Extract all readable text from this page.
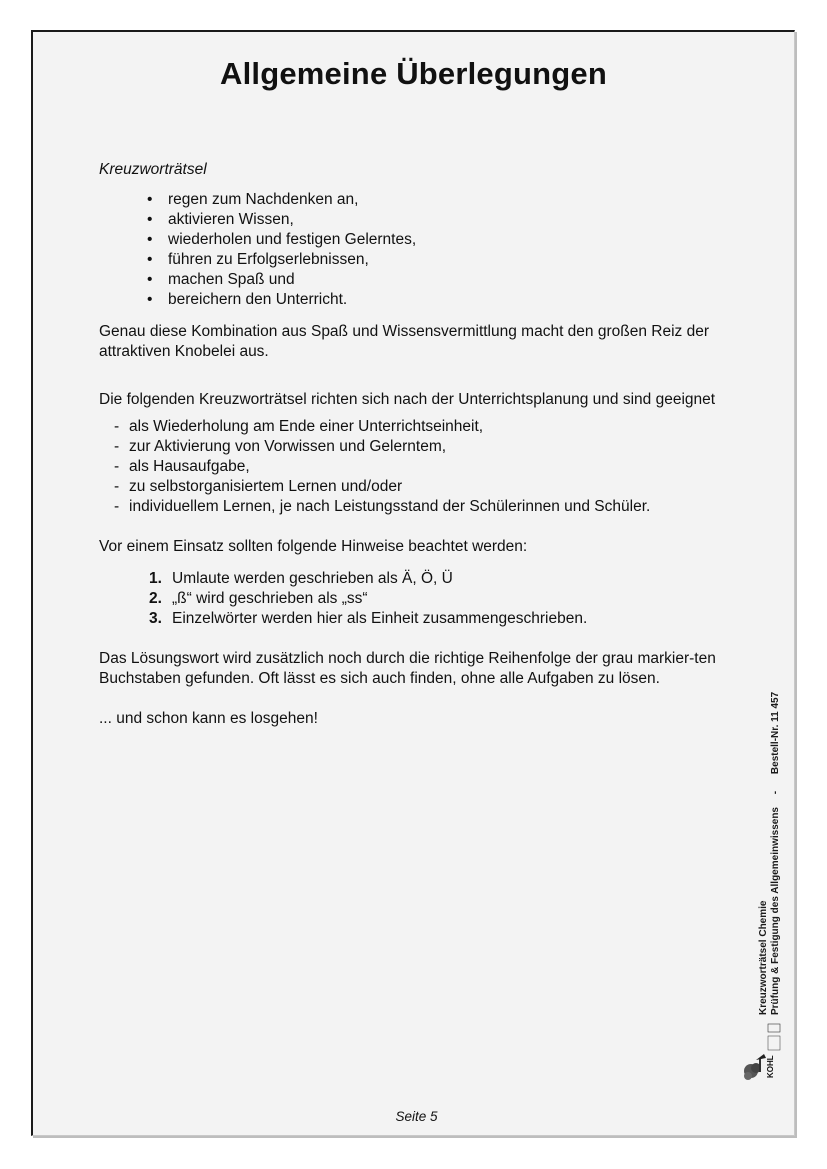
Allgemeine Überlegungen

Kreuzworträtsel

• regen zum Nachdenken an,
• aktivieren Wissen,
• wiederholen und festigen Gelerntes,
• führen zu Erfolgserlebnissen,
• machen Spaß und
• bereichern den Unterricht.

Genau diese Kombination aus Spaß und Wissensvermittlung macht den großen Reiz der attraktiven Knobelei aus.

Die folgenden Kreuzworträtsel richten sich nach der Unterrichtsplanung und sind geeignet

- als Wiederholung am Ende einer Unterrichtseinheit,
- zur Aktivierung von Vorwissen und Gelerntem,
- als Hausaufgabe,
- zu selbstorganisiertem Lernen und/oder
- individuellem Lernen, je nach Leistungsstand der Schülerinnen und Schüler.

Vor einem Einsatz sollten folgende Hinweise beachtet werden:

1. Umlaute werden geschrieben als Ä, Ö, Ü
2. „ß“ wird geschrieben als „ss“
3. Einzelwörter werden hier als Einheit zusammengeschrieben.

Das Lösungswort wird zusätzlich noch durch die richtige Reihenfolge der grau markier-ten Buchstaben gefunden. Oft lässt es sich auch finden, ohne alle Aufgaben zu lösen.

... und schon kann es losgehen!

Kreuzworträtsel Chemie Prüfung & Festigung des Allgemeinwissens - Bestell-Nr. 11 457
KOHL
Seite 5
